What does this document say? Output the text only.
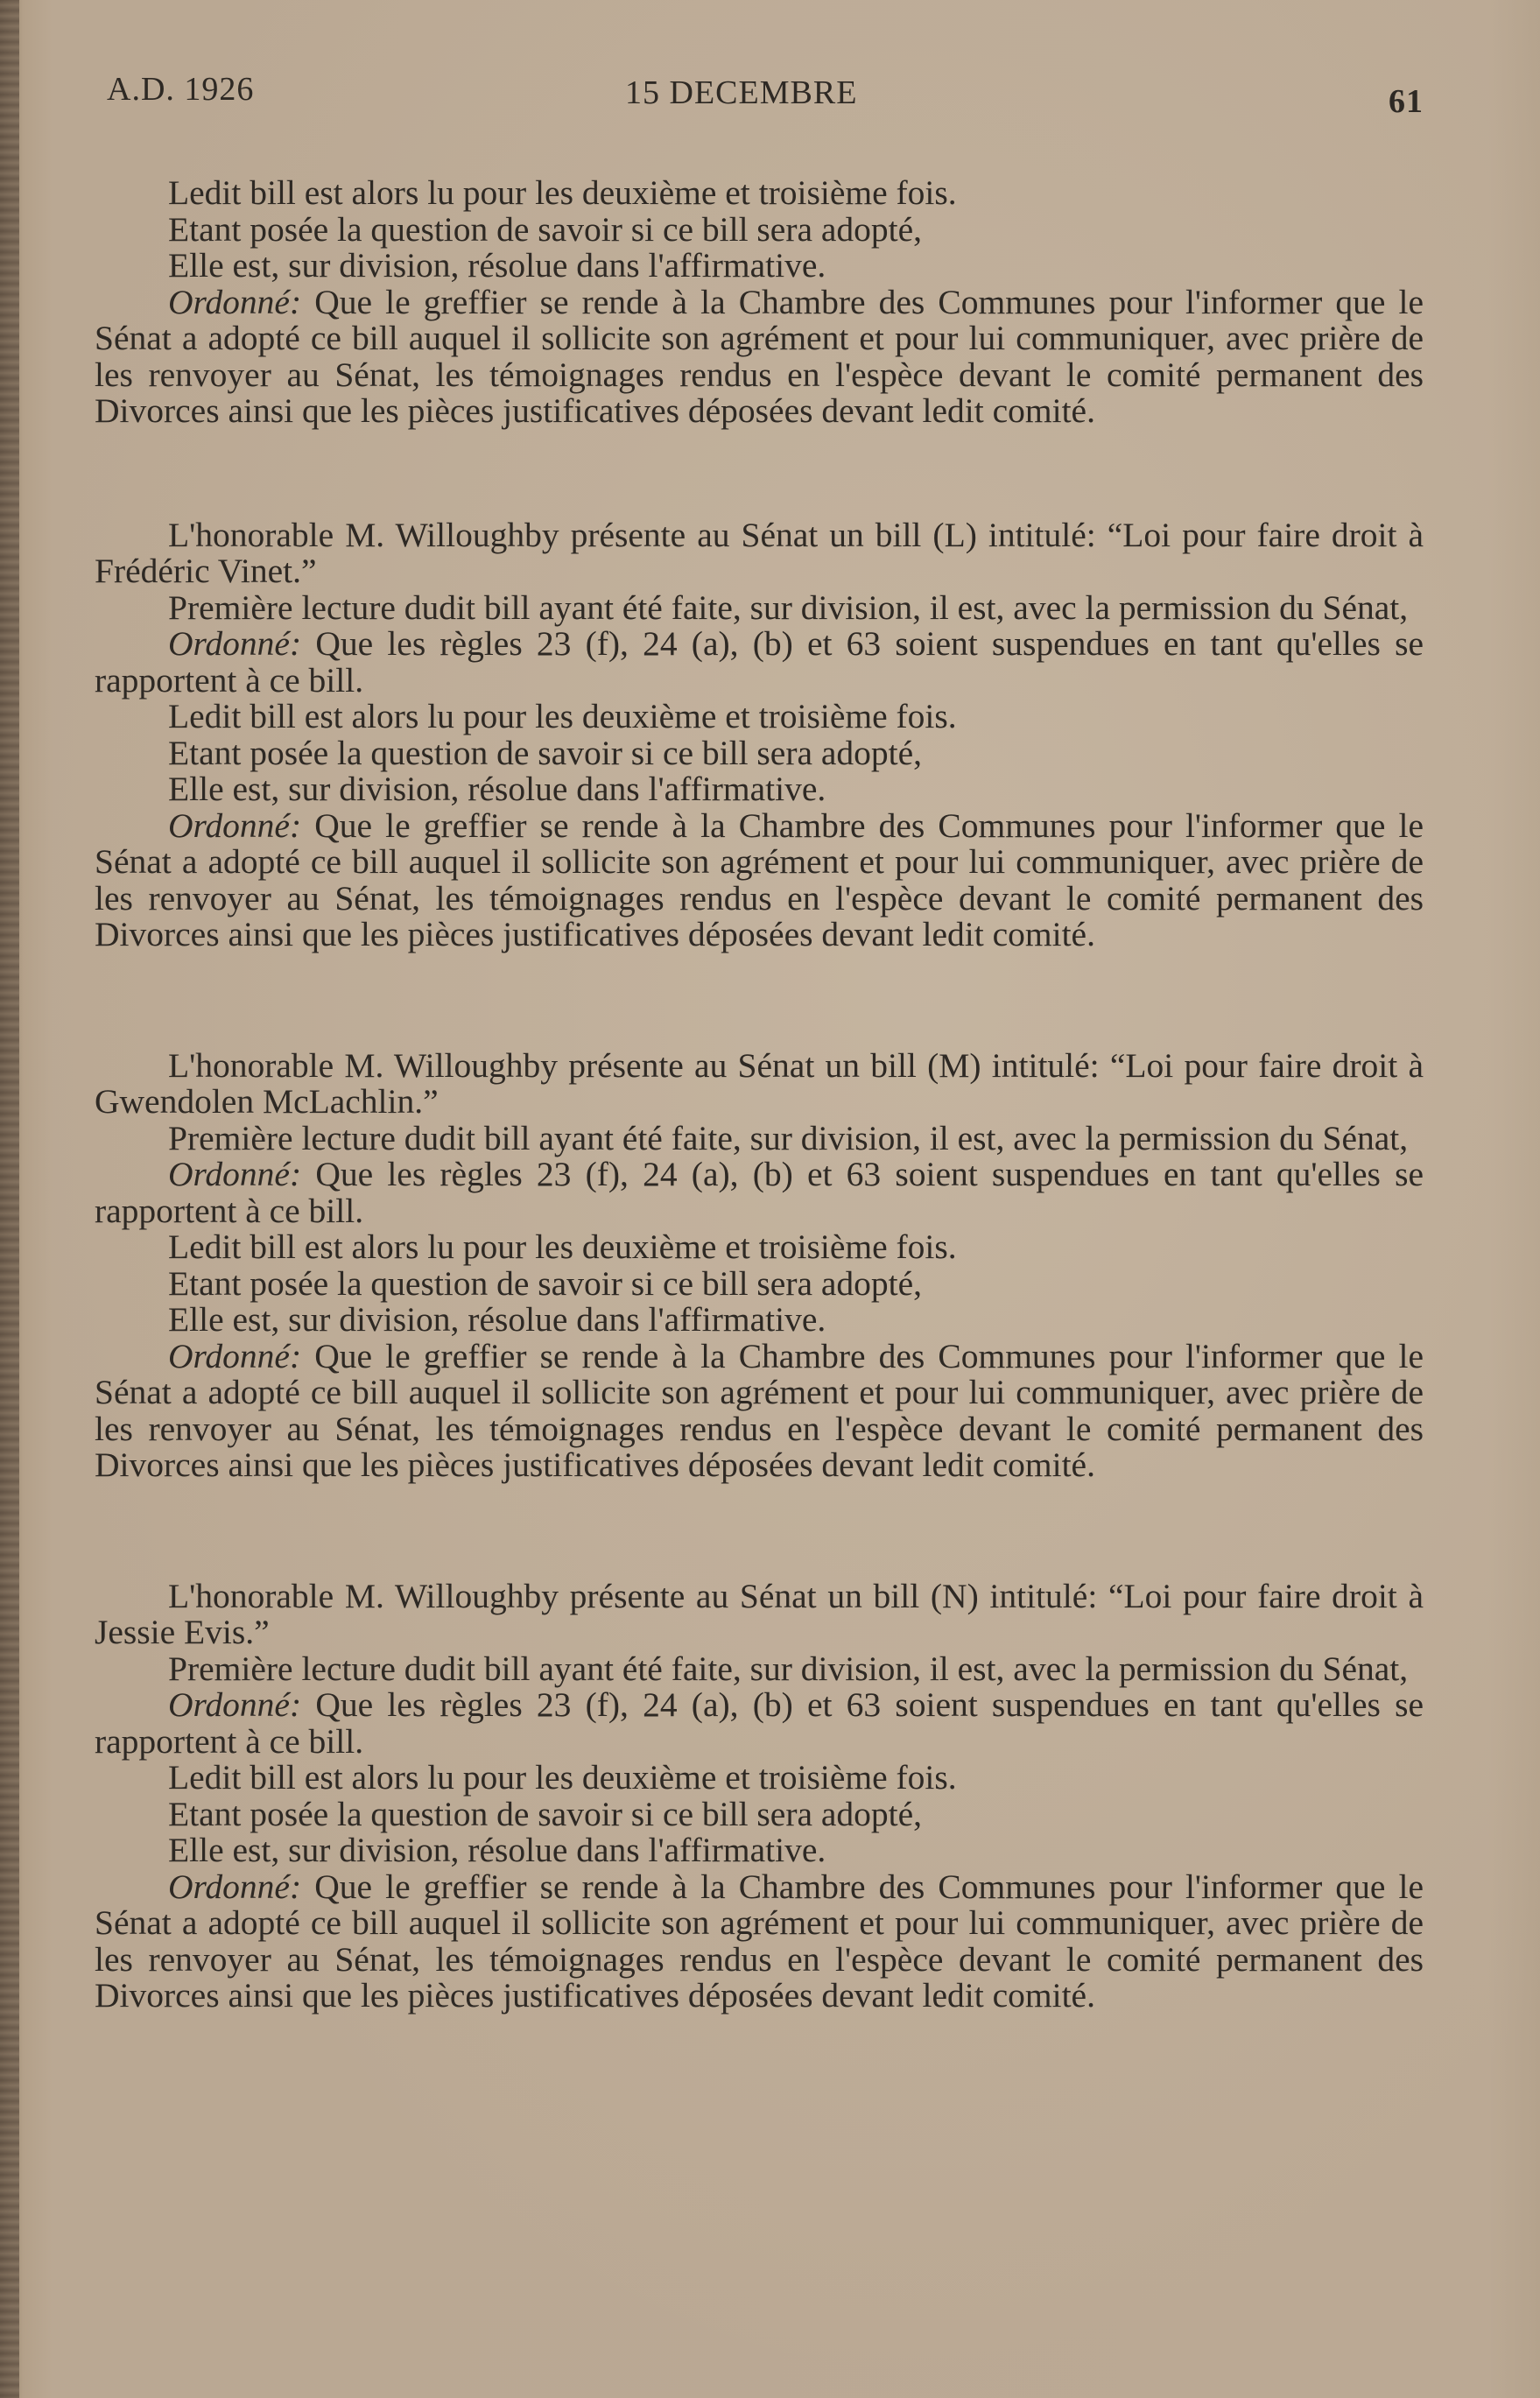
A.D. 1926	15 DECEMBRE	61

Ledit bill est alors lu pour les deuxième et troisième fois.

Etant posée la question de savoir si ce bill sera adopté,

Elle est, sur division, résolue dans l'affirmative.

Ordonné: Que le greffier se rende à la Chambre des Communes pour l'informer que le Sénat a adopté ce bill auquel il sollicite son agrément et pour lui communiquer, avec prière de les renvoyer au Sénat, les témoignages rendus en l'espèce devant le comité permanent des Divorces ainsi que les pièces justificatives déposées devant ledit comité.

L'honorable M. Willoughby présente au Sénat un bill (L) intitulé: “Loi pour faire droit à Frédéric Vinet.”

Première lecture dudit bill ayant été faite, sur division, il est, avec la permission du Sénat,

Ordonné: Que les règles 23 (f), 24 (a), (b) et 63 soient suspendues en tant qu'elles se rapportent à ce bill.

Ledit bill est alors lu pour les deuxième et troisième fois.

Etant posée la question de savoir si ce bill sera adopté,

Elle est, sur division, résolue dans l'affirmative.

Ordonné: Que le greffier se rende à la Chambre des Communes pour l'informer que le Sénat a adopté ce bill auquel il sollicite son agrément et pour lui communiquer, avec prière de les renvoyer au Sénat, les témoignages rendus en l'espèce devant le comité permanent des Divorces ainsi que les pièces justificatives déposées devant ledit comité.

L'honorable M. Willoughby présente au Sénat un bill (M) intitulé: “Loi pour faire droit à Gwendolen McLachlin.”

Première lecture dudit bill ayant été faite, sur division, il est, avec la permission du Sénat,

Ordonné: Que les règles 23 (f), 24 (a), (b) et 63 soient suspendues en tant qu'elles se rapportent à ce bill.

Ledit bill est alors lu pour les deuxième et troisième fois.

Etant posée la question de savoir si ce bill sera adopté,

Elle est, sur division, résolue dans l'affirmative.

Ordonné: Que le greffier se rende à la Chambre des Communes pour l'informer que le Sénat a adopté ce bill auquel il sollicite son agrément et pour lui communiquer, avec prière de les renvoyer au Sénat, les témoignages rendus en l'espèce devant le comité permanent des Divorces ainsi que les pièces justificatives déposées devant ledit comité.

L'honorable M. Willoughby présente au Sénat un bill (N) intitulé: “Loi pour faire droit à Jessie Evis.”

Première lecture dudit bill ayant été faite, sur division, il est, avec la permission du Sénat,

Ordonné: Que les règles 23 (f), 24 (a), (b) et 63 soient suspendues en tant qu'elles se rapportent à ce bill.

Ledit bill est alors lu pour les deuxième et troisième fois.

Etant posée la question de savoir si ce bill sera adopté,

Elle est, sur division, résolue dans l'affirmative.

Ordonné: Que le greffier se rende à la Chambre des Communes pour l'informer que le Sénat a adopté ce bill auquel il sollicite son agrément et pour lui communiquer, avec prière de les renvoyer au Sénat, les témoignages rendus en l'espèce devant le comité permanent des Divorces ainsi que les pièces justificatives déposées devant ledit comité.
